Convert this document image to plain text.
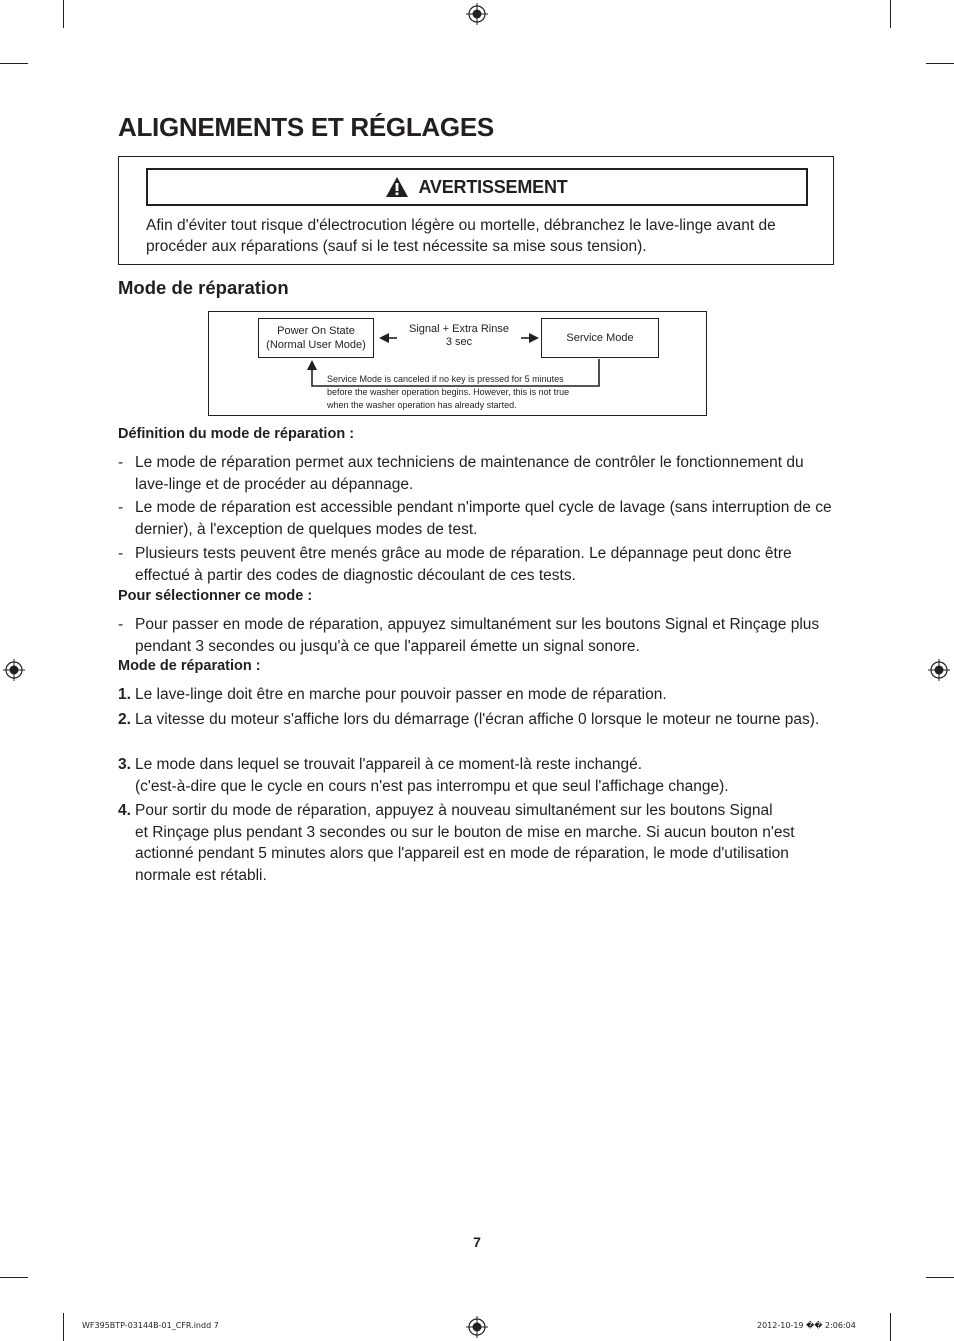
ALIGNEMENTS ET RÉGLAGES
AVERTISSEMENT
Afin d'éviter tout risque d'électrocution légère ou mortelle, débranchez le lave-linge avant de procéder aux réparations (sauf si le test nécessite sa mise sous tension).
Mode de réparation
Power On State
(Normal User Mode)
Signal + Extra Rinse
3 sec	Service Mode
Service Mode is canceled if no key is pressed for 5 minutes
before the washer operation begins. However, this is not true
when the washer operation has already started.
Définition du mode de réparation :
- Le mode de réparation permet aux techniciens de maintenance de contrôler le fonctionnement du lave-linge et de procéder au dépannage.
- Le mode de réparation est accessible pendant n'importe quel cycle de lavage (sans interruption de ce dernier), à l'exception de quelques modes de test.
- Plusieurs tests peuvent être menés grâce au mode de réparation. Le dépannage peut donc être effectué à partir des codes de diagnostic découlant de ces tests.
Pour sélectionner ce mode :
- Pour passer en mode de réparation, appuyez simultanément sur les boutons Signal et Rinçage plus pendant 3 secondes ou jusqu'à ce que l'appareil émette un signal sonore.
Mode de réparation :
1. Le lave-linge doit être en marche pour pouvoir passer en mode de réparation.
2. La vitesse du moteur s'affiche lors du démarrage (l'écran affiche 0 lorsque le moteur ne tourne pas).
3. Le mode dans lequel se trouvait l'appareil à ce moment-là reste inchangé.
(c'est-à-dire que le cycle en cours n'est pas interrompu et que seul l'affichage change).
4. Pour sortir du mode de réparation, appuyez à nouveau simultanément sur les boutons Signal
et Rinçage plus pendant 3 secondes ou sur le bouton de mise en marche. Si aucun bouton n'est actionné pendant 5 minutes alors que l'appareil est en mode de réparation, le mode d'utilisation normale est rétabli.
7
WF395BTP-03144B-01_CFR.indd 7	2012-10-19 �� 2:06:04
